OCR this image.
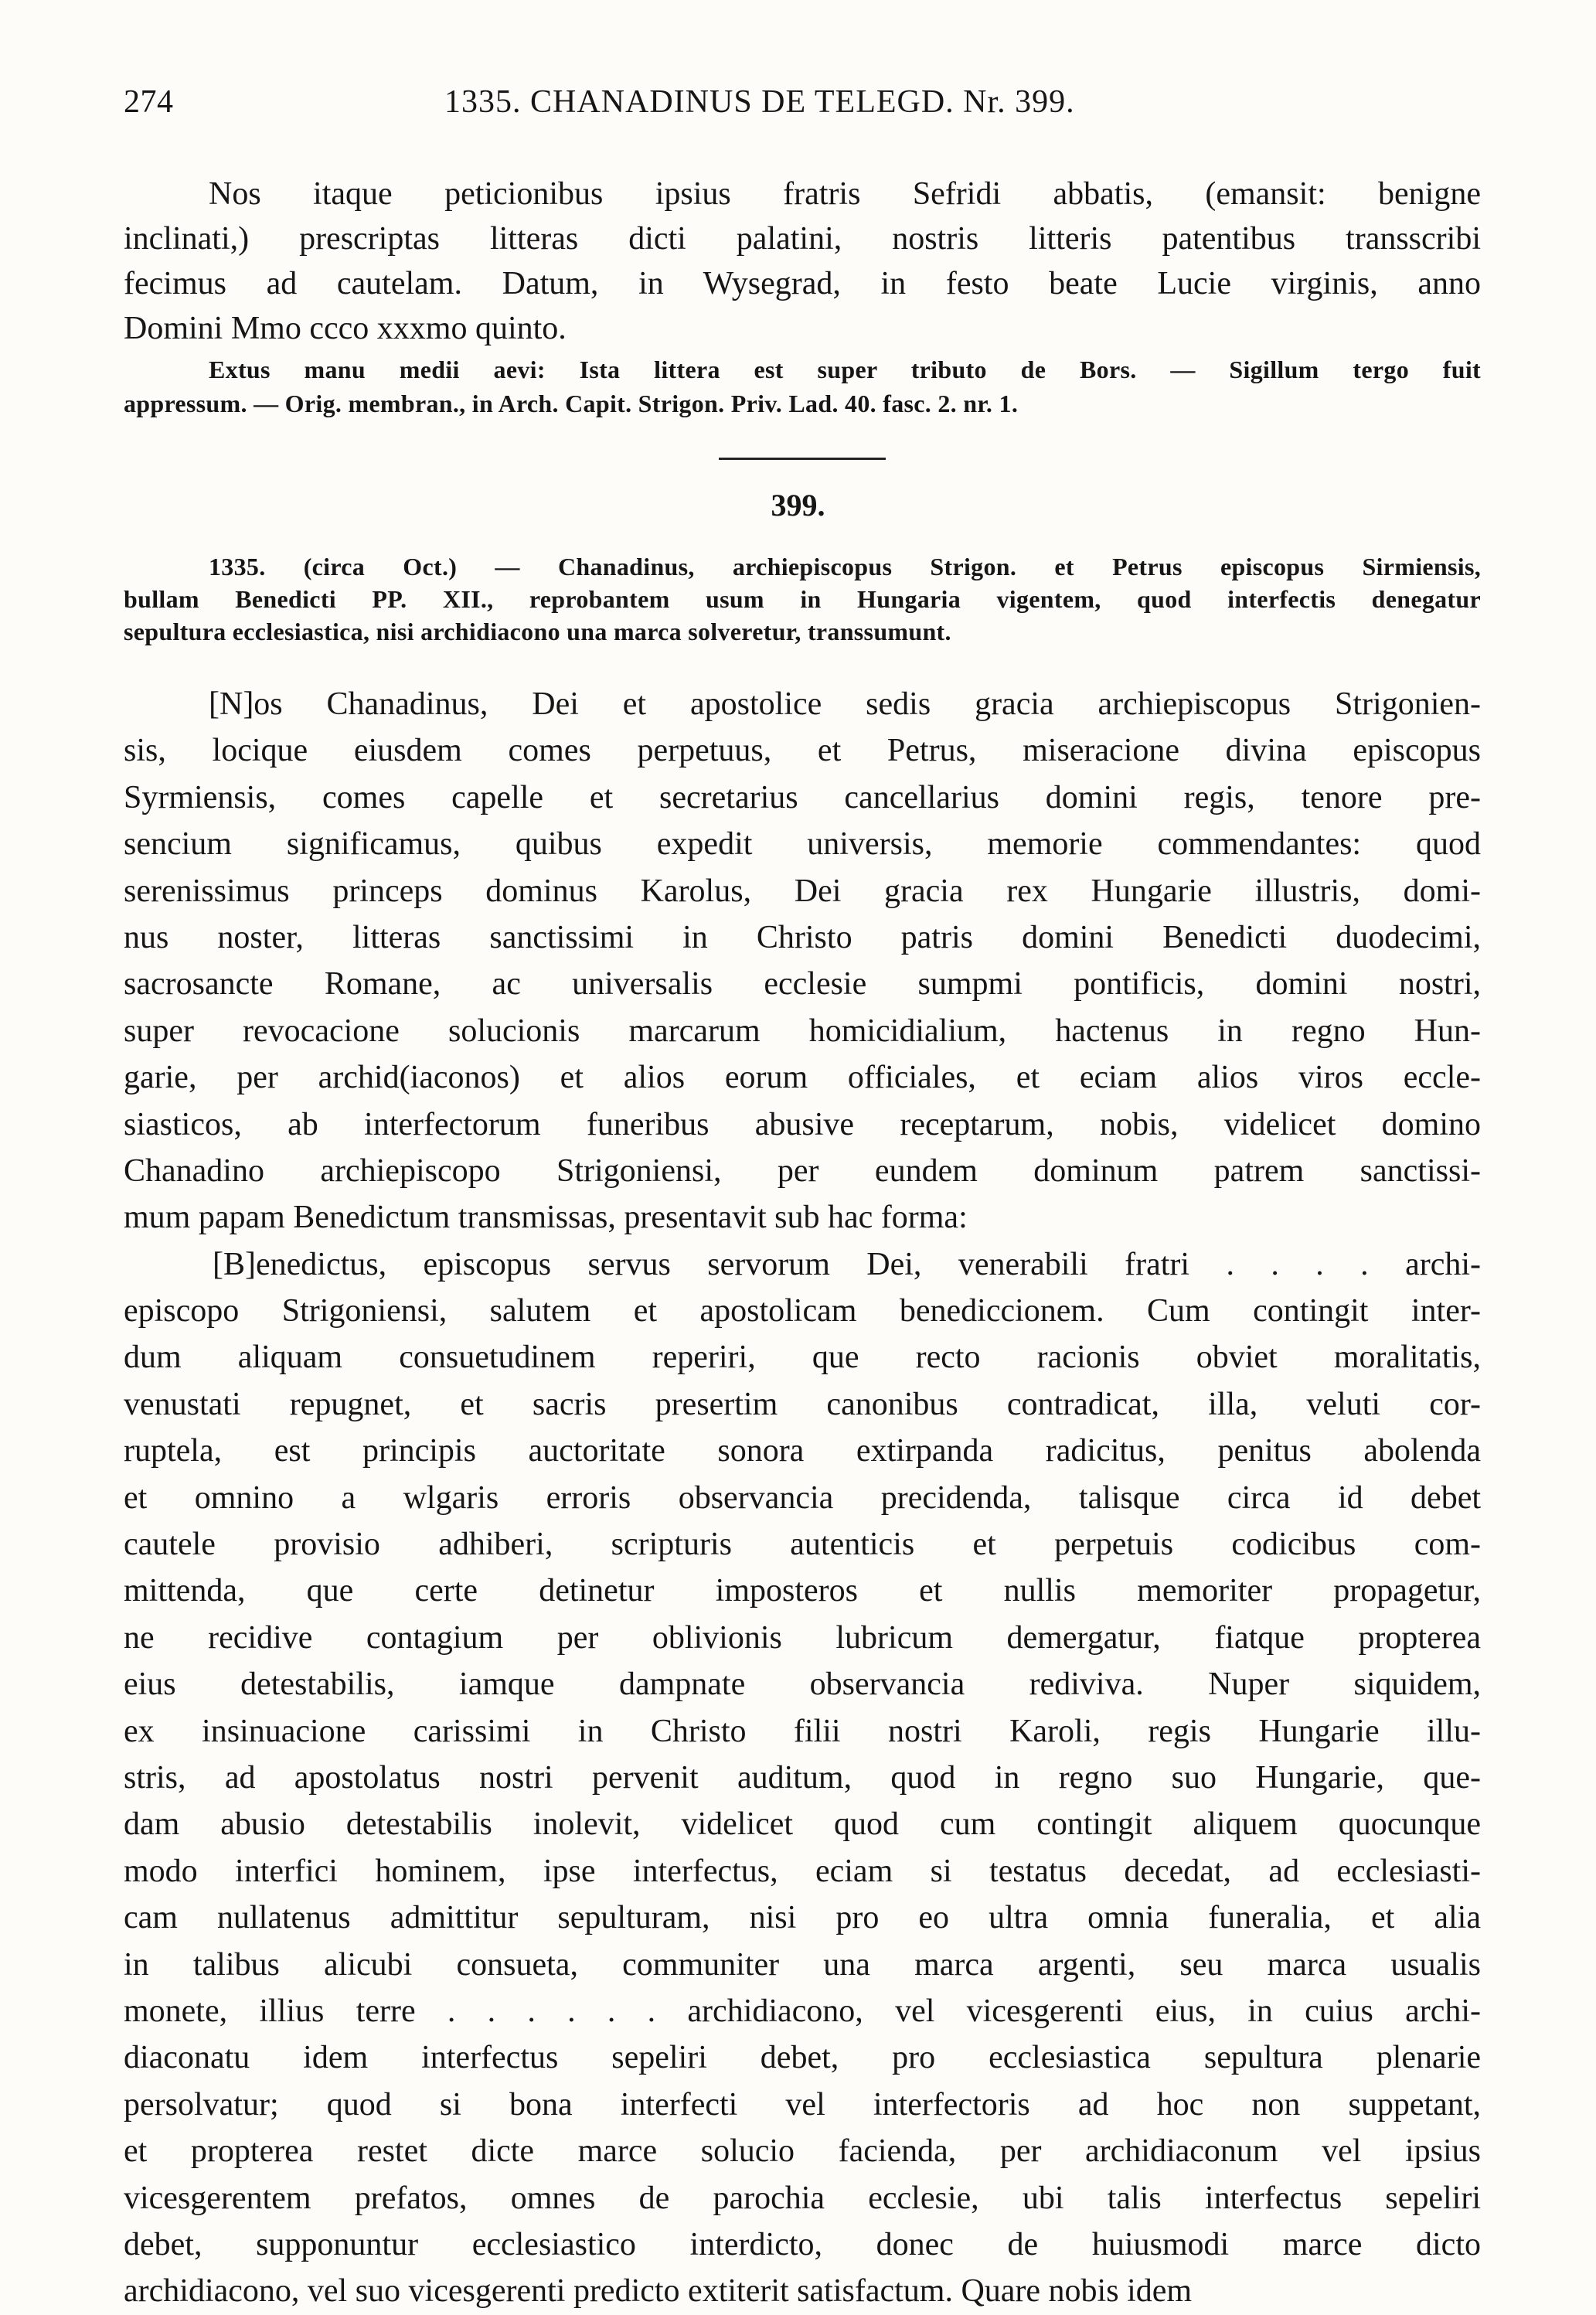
274	1335. CHANADINUS DE TELEGD. Nr. 399.
Nos itaque peticionibus ipsius fratris Sefridi abbatis, (emansit: benigne
inclinati,) prescriptas litteras dicti palatini, nostris litteris patentibus transscribi
fecimus ad cautelam. Datum, in Wysegrad, in festo beate Lucie virginis, anno
Domini Mmo ccco xxxmo quinto.
Extus manu medii aevi: Ista littera est super tributo de Bors. — Sigillum tergo fuit
appressum. — Orig. membran., in Arch. Capit. Strigon. Priv. Lad. 40. fasc. 2. nr. 1.
399.
1335. (circa Oct.) — Chanadinus, archiepiscopus Strigon. et Petrus episcopus Sirmiensis,
bullam Benedicti PP. XII., reprobantem usum in Hungaria vigentem, quod interfectis denegatur
sepultura ecclesiastica, nisi archidiacono una marca solveretur, transsumunt.
[N]os Chanadinus, Dei et apostolice sedis gracia archiepiscopus Strigonien-
sis, locique eiusdem comes perpetuus, et Petrus, miseracione divina episcopus
Syrmiensis, comes capelle et secretarius cancellarius domini regis, tenore pre-
sencium significamus, quibus expedit universis, memorie commendantes: quod
serenissimus princeps dominus Karolus, Dei gracia rex Hungarie illustris, domi-
nus noster, litteras sanctissimi in Christo patris domini Benedicti duodecimi,
sacrosancte Romane, ac universalis ecclesie sumpmi pontificis, domini nostri,
super revocacione solucionis marcarum homicidialium, hactenus in regno Hun-
garie, per archid(iaconos) et alios eorum officiales, et eciam alios viros eccle-
siasticos, ab interfectorum funeribus abusive receptarum, nobis, videlicet domino
Chanadino archiepiscopo Strigoniensi, per eundem dominum patrem sanctissi-
mum papam Benedictum transmissas, presentavit sub hac forma:
[B]enedictus, episcopus servus servorum Dei, venerabili fratri . . . . archi-
episcopo Strigoniensi, salutem et apostolicam benediccionem. Cum contingit inter-
dum aliquam consuetudinem reperiri, que recto racionis obviet moralitatis,
venustati repugnet, et sacris presertim canonibus contradicat, illa, veluti cor-
ruptela, est principis auctoritate sonora extirpanda radicitus, penitus abolenda
et omnino a wlgaris erroris observancia precidenda, talisque circa id debet
cautele provisio adhiberi, scripturis autenticis et perpetuis codicibus com-
mittenda, que certe detinetur imposteros et nullis memoriter propagetur,
ne recidive contagium per oblivionis lubricum demergatur, fiatque propterea
eius detestabilis, iamque dampnate observancia rediviva. Nuper siquidem,
ex insinuacione carissimi in Christo filii nostri Karoli, regis Hungarie illu-
stris, ad apostolatus nostri pervenit auditum, quod in regno suo Hungarie, que-
dam abusio detestabilis inolevit, videlicet quod cum contingit aliquem quocunque
modo interfici hominem, ipse interfectus, eciam si testatus decedat, ad ecclesiasti-
cam nullatenus admittitur sepulturam, nisi pro eo ultra omnia funeralia, et alia
in talibus alicubi consueta, communiter una marca argenti, seu marca usualis
monete, illius terre . . . . . . archidiacono, vel vicesgerenti eius, in cuius archi-
diaconatu idem interfectus sepeliri debet, pro ecclesiastica sepultura plenarie
persolvatur; quod si bona interfecti vel interfectoris ad hoc non suppetant,
et propterea restet dicte marce solucio facienda, per archidiaconum vel ipsius
vicesgerentem prefatos, omnes de parochia ecclesie, ubi talis interfectus sepeliri
debet, supponuntur ecclesiastico interdicto, donec de huiusmodi marce dicto
archidiacono, vel suo vicesgerenti predicto extiterit satisfactum. Quare nobis idem
